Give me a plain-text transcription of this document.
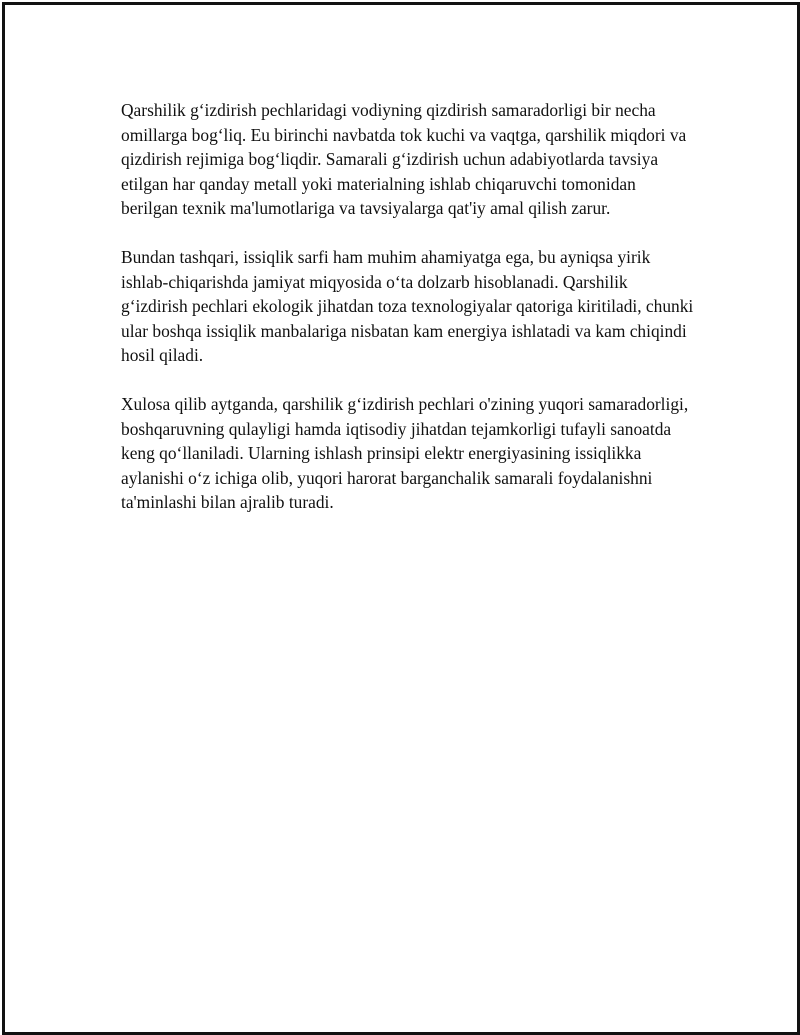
Qarshilik g‘izdirish pechlaridagi vodiyning qizdirish samaradorligi bir necha omillarga bog‘liq. Eu birinchi navbatda tok kuchi va vaqtga, qarshilik miqdori va qizdirish rejimiga bog‘liqdir. Samarali g‘izdirish uchun adabiyotlarda tavsiya etilgan har qanday metall yoki materialning ishlab chiqaruvchi tomonidan berilgan texnik ma'lumotlariga va tavsiyalarga qat'iy amal qilish zarur.

Bundan tashqari, issiqlik sarfi ham muhim ahamiyatga ega, bu ayniqsa yirik ishlab-chiqarishda jamiyat miqyosida o‘ta dolzarb hisoblanadi. Qarshilik g‘izdirish pechlari ekologik jihatdan toza texnologiyalar qatoriga kiritiladi, chunki ular boshqa issiqlik manbalariga nisbatan kam energiya ishlatadi va kam chiqindi hosil qiladi.

Xulosa qilib aytganda, qarshilik g‘izdirish pechlari o'zining yuqori samaradorligi, boshqaruvning qulayligi hamda iqtisodiy jihatdan tejamkorligi tufayli sanoatda keng qo‘llaniladi. Ularning ishlash prinsipi elektr energiyasining issiqlikka aylanishi o‘z ichiga olib, yuqori harorat barganchalik samarali foydalanishni ta'minlashi bilan ajralib turadi.
